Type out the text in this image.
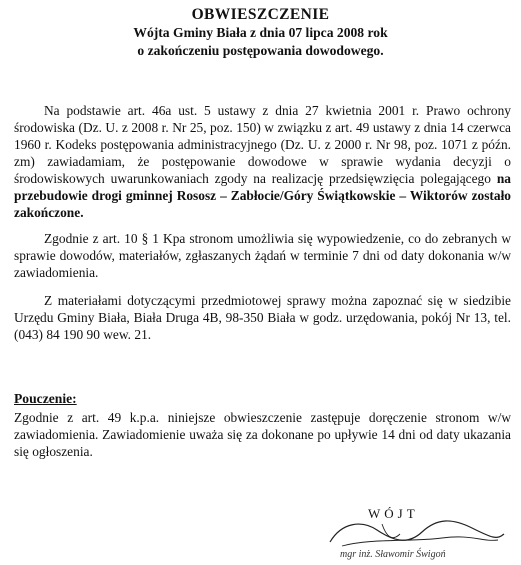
OBWIESZCZENIE
Wójta Gminy Biała z dnia 07 lipca 2008 rok
o zakończeniu postępowania dowodowego.
Na podstawie art. 46a ust. 5 ustawy z dnia 27 kwietnia 2001 r. Prawo ochrony środowiska (Dz. U. z 2008 r. Nr 25, poz. 150) w związku z art. 49 ustawy z dnia 14 czerwca 1960 r. Kodeks postępowania administracyjnego (Dz. U. z 2000 r. Nr 98, poz. 1071 z późn. zm) zawiadamiam, że postępowanie dowodowe w sprawie wydania decyzji o środowiskowych uwarunkowaniach zgody na realizację przedsięwzięcia polegającego na przebudowie drogi gminnej Rososz – Zabłocie/Góry Świątkowskie – Wiktorów zostało zakończone.
Zgodnie z art. 10 § 1 Kpa stronom umożliwia się wypowiedzenie, co do zebranych w sprawie dowodów, materiałów, zgłaszanych żądań w terminie 7 dni od daty dokonania w/w zawiadomienia.
Z materiałami dotyczącymi przedmiotowej sprawy można zapoznać się w siedzibie Urzędu Gminy Biała, Biała Druga 4B, 98-350 Biała w godz. urzędowania, pokój Nr 13, tel. (043) 84 190 90 wew. 21.
Pouczenie:
Zgodnie z art. 49 k.p.a. niniejsze obwieszczenie zastępuje doręczenie stronom w/w zawiadomienia. Zawiadomienie uważa się za dokonane po upływie 14 dni od daty ukazania się ogłoszenia.
WÓJT
mgr inż. Sławomir Świgoń
